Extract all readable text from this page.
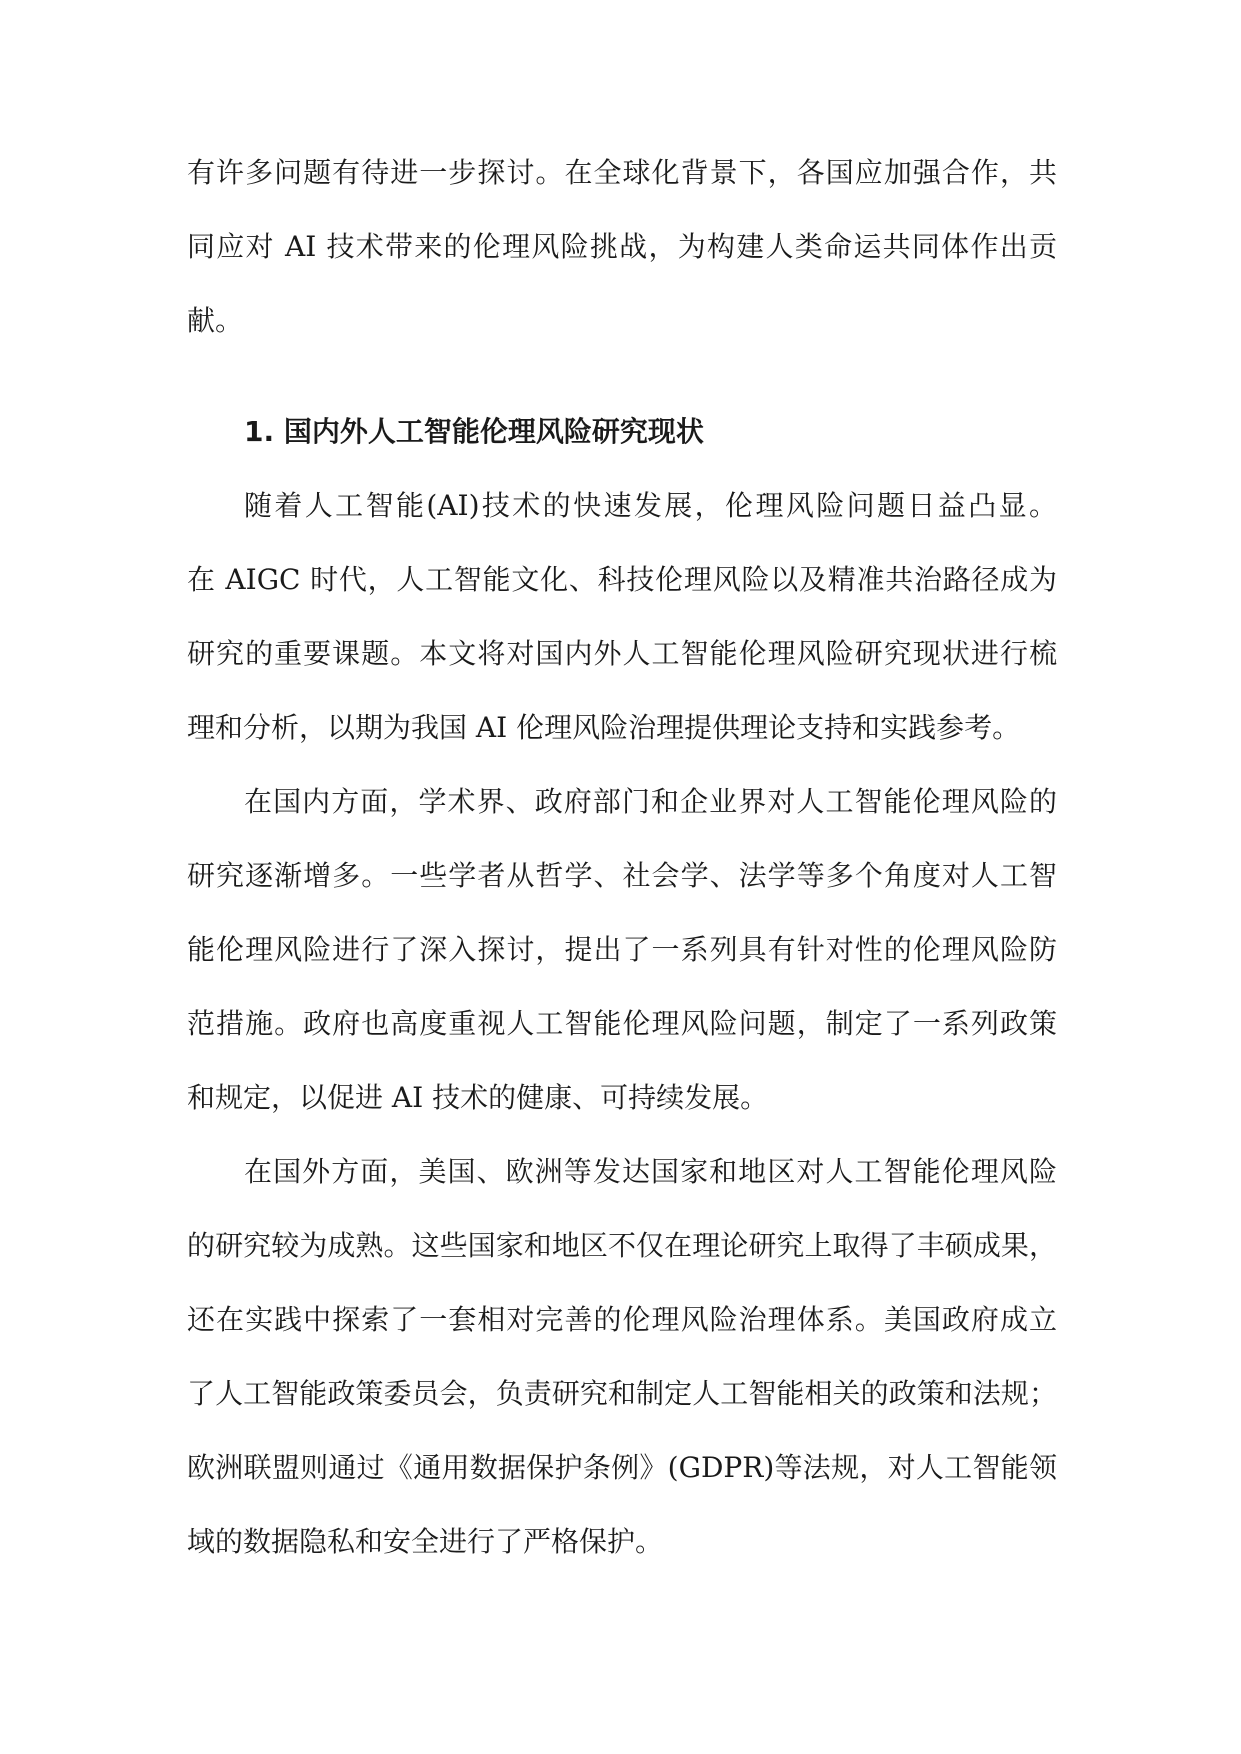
有许多问题有待进一步探讨。在全球化背景下，各国应加强合作，共
同应对 AI 技术带来的伦理风险挑战，为构建人类命运共同体作出贡
献。
1. 国内外人工智能伦理风险研究现状
随着人工智能(AI)技术的快速发展，伦理风险问题日益凸显。
在 AIGC 时代，人工智能文化、科技伦理风险以及精准共治路径成为
研究的重要课题。本文将对国内外人工智能伦理风险研究现状进行梳
理和分析，以期为我国 AI 伦理风险治理提供理论支持和实践参考。
在国内方面，学术界、政府部门和企业界对人工智能伦理风险的
研究逐渐增多。一些学者从哲学、社会学、法学等多个角度对人工智
能伦理风险进行了深入探讨，提出了一系列具有针对性的伦理风险防
范措施。政府也高度重视人工智能伦理风险问题，制定了一系列政策
和规定，以促进 AI 技术的健康、可持续发展。
在国外方面，美国、欧洲等发达国家和地区对人工智能伦理风险
的研究较为成熟。这些国家和地区不仅在理论研究上取得了丰硕成果，
还在实践中探索了一套相对完善的伦理风险治理体系。美国政府成立
了人工智能政策委员会，负责研究和制定人工智能相关的政策和法规；
欧洲联盟则通过《通用数据保护条例》(GDPR)等法规，对人工智能领
域的数据隐私和安全进行了严格保护。
